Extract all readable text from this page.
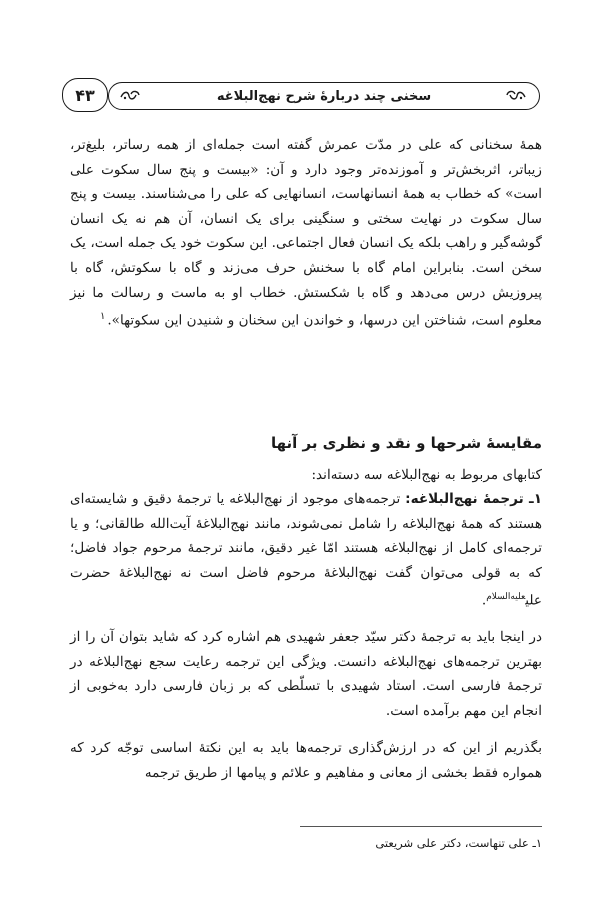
۴۳	سخنی چند دربارۀ شرح نهج‌البلاغه
همۀ سخنانی که علی در مدّت عمرش گفته است جمله‌ای از همه رساتر، بلیغ‌تر، زیباتر، اثربخش‌تر و آموزنده‌تر وجود دارد و آن: «بیست و پنج سال سکوت علی است» که خطاب به همۀ انسانهاست، انسانهایی که علی را می‌شناسند. بیست و پنج سال سکوت در نهایت سختی و سنگینی برای یک انسان، آن هم نه یک انسان گوشه‌گیر و راهب بلکه یک انسان فعال اجتماعی. این سکوت خود یک جمله است، یک سخن است. بنابراین امام گاه با سخنش حرف می‌زند و گاه با سکوتش، گاه با پیروزیش درس می‌دهد و گاه با شکستش. خطاب او به ماست و رسالت ما نیز معلوم است، شناختن این درسها، و خواندن این سخنان و شنیدن این سکوتها».$^۱$
مقایسۀ شرحها و نقد و نظری بر آنها
کتابهای مربوط به نهج‌البلاغه سه دسته‌اند:
۱ـ ترجمۀ نهج‌البلاغه: ترجمه‌های موجود از نهج‌البلاغه یا ترجمۀ دقیق و شایسته‌ای هستند که همۀ نهج‌البلاغه را شامل نمی‌شوند، مانند نهج‌البلاغۀ آیت‌الله طالقانی؛ و یا ترجمه‌ای کامل از نهج‌البلاغه هستند امّا غیر دقیق، مانند ترجمۀ مرحوم جواد فاضل؛ که به قولی می‌توان گفت نهج‌البلاغۀ مرحوم فاضل است نه نهج‌البلاغۀ حضرت علی$^{عليه‌السلام}$.
در اینجا باید به ترجمۀ دکتر سیّد جعفر شهیدی هم اشاره کرد که شاید بتوان آن را از بهترین ترجمه‌های نهج‌البلاغه دانست. ویژگی این ترجمه رعایت سجع نهج‌البلاغه در ترجمۀ فارسی است. استاد شهیدی با تسلّطی که بر زبان فارسی دارد به‌خوبی از انجام این مهم برآمده است.
بگذریم از این که در ارزش‌گذاری ترجمه‌ها باید به این نکتۀ اساسی توجّه کرد که همواره فقط بخشی از معانی و مفاهیم و علائم و پیامها از طریق ترجمه
۱ـ علی تنهاست، دکتر علی شریعتی
